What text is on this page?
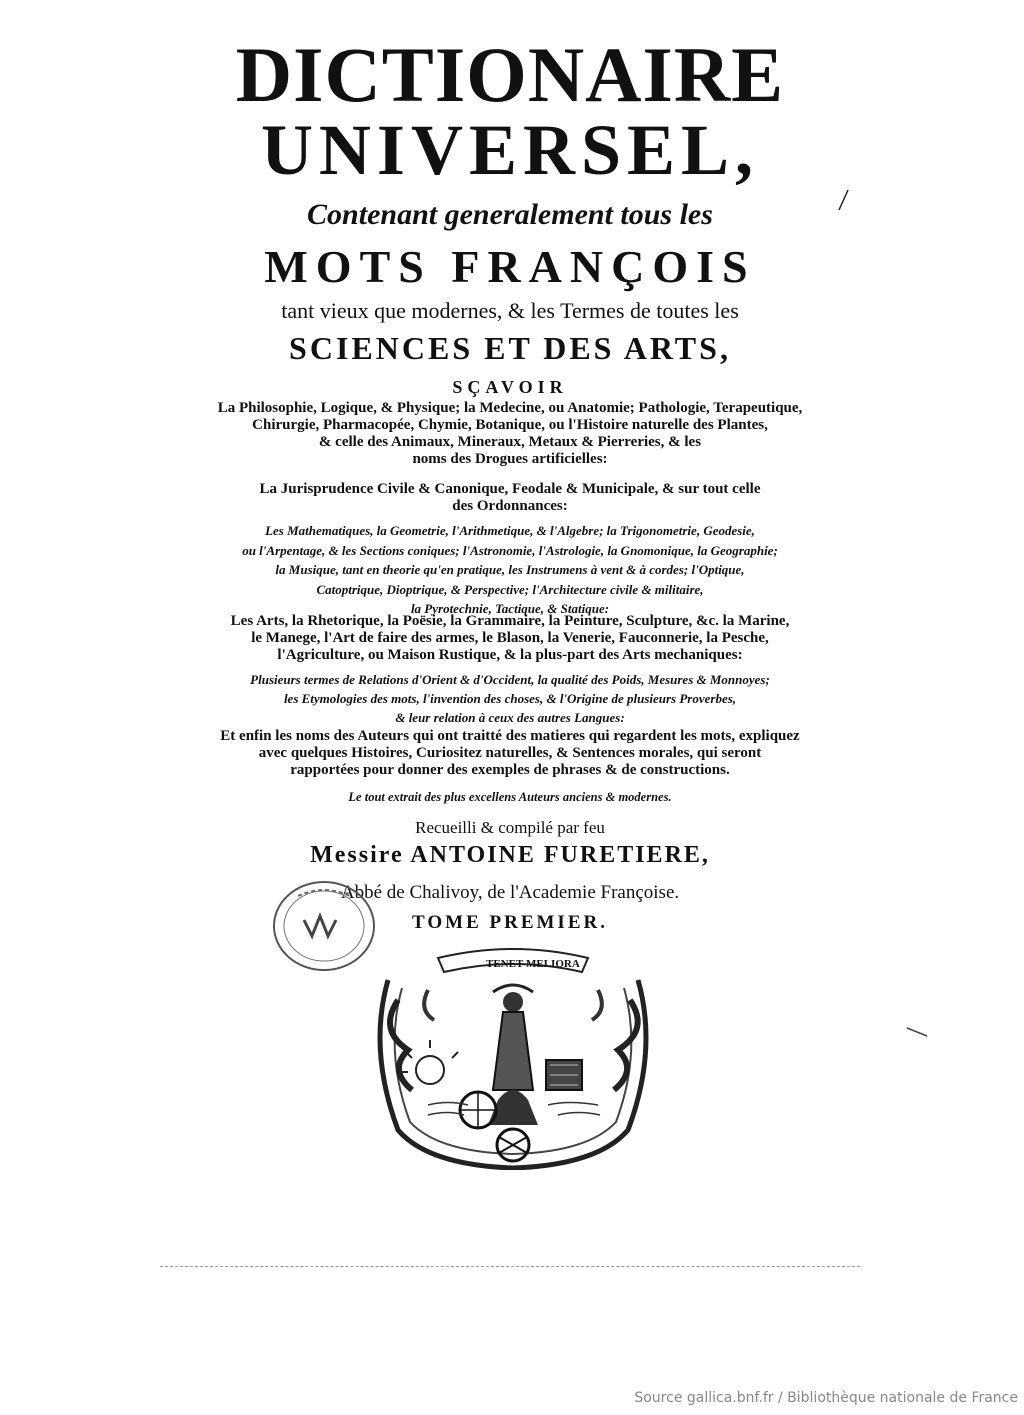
DICTIONAIRE
UNIVERSEL,
Contenant generalement tous les
MOTS FRANÇOIS
tant vieux que modernes, & les Termes de toutes les
SCIENCES ET DES ARTS,
SÇAVOIR
La Philosophie, Logique, & Physique; la Medecine, ou Anatomie; Pathologie, Terapeutique,
Chirurgie, Pharmacopée, Chymie, Botanique, ou l'Histoire naturelle des Plantes,
& celle des Animaux, Mineraux, Metaux & Pierreries, & les
noms des Drogues artificielles:
La Jurisprudence Civile & Canonique, Feodale & Municipale, & sur tout celle
des Ordonnances:
Les Mathematiques, la Geometrie, l'Arithmetique, & l'Algebre; la Trigonometrie, Geodesie,
ou l'Arpentage, & les Sections coniques; l'Astronomie, l'Astrologie, la Gnomonique, la Geographie;
la Musique, tant en theorie qu'en pratique, les Instrumens à vent & à cordes; l'Optique,
Catoptrique, Dioptrique, & Perspective; l'Architecture civile & militaire,
la Pyrotechnie, Tactique, & Statique:
Les Arts, la Rhetorique, la Poësie, la Grammaire, la Peinture, Sculpture, &c. la Marine,
le Manege, l'Art de faire des armes, le Blason, la Venerie, Fauconnerie, la Pesche,
l'Agriculture, ou Maison Rustique, & la plus-part des Arts mechaniques:
Plusieurs termes de Relations d'Orient & d'Occident, la qualité des Poids, Mesures & Monnoyes;
les Etymologies des mots, l'invention des choses, & l'Origine de plusieurs Proverbes,
& leur relation à ceux des autres Langues:
Et enfin les noms des Auteurs qui ont traitté des matieres qui regardent les mots, expliquez
avec quelques Histoires, Curiositez naturelles, & Sentences morales, qui seront
rapportées pour donner des exemples de phrases & de constructions.
Le tout extrait des plus excellens Auteurs anciens & modernes.
Recueilli & compilé par feu
Messire ANTOINE FURETIERE,
Abbé de Chalivoy, de l'Academie Françoise.
TOME PREMIER.
TENET MELIORA
Source gallica.bnf.fr / Bibliothèque nationale de France
